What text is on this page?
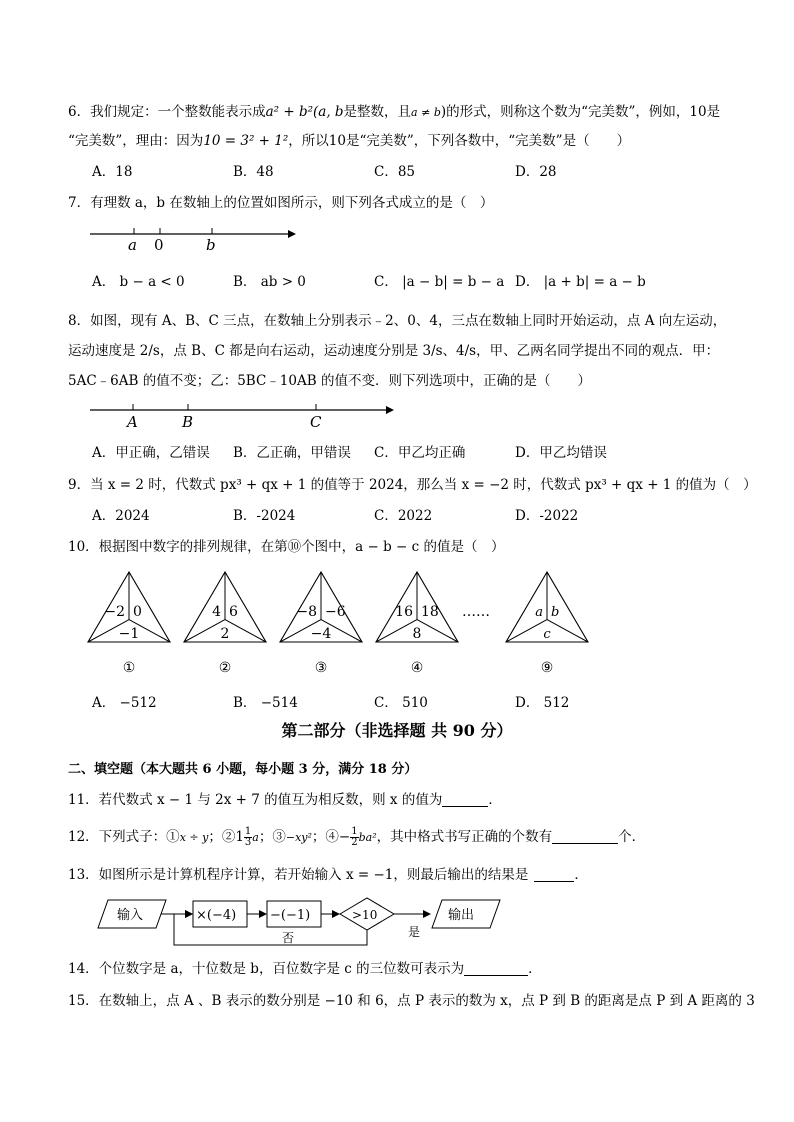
6．我们规定：一个整数能表示成a² + b²(a, b是整数，且a ≠ b)的形式，则称这个数为“完美数”，例如，10是
“完美数”，理由：因为10 = 3² + 1²，所以10是“完美数”，下列各数中，“完美数”是（　　）
A．18	B．48	C．85	D．28
7．有理数 a，b 在数轴上的位置如图所示，则下列各式成立的是（　）
a 0	b
A． b − a < 0	B． ab > 0	C． |a − b| = b − a D． |a + b| = a − b
8．如图，现有 A、B、C 三点，在数轴上分别表示﹣2、0、4，三点在数轴上同时开始运动，点 A 向左运动，
运动速度是 2/s，点 B、C 都是向右运动，运动速度分别是 3/s、4/s，甲、乙两名同学提出不同的观点．甲：
5AC﹣6AB 的值不变；乙：5BC﹣10AB 的值不变．则下列选项中，正确的是（　　）
A	B	C
A．甲正确，乙错误 B．乙正确，甲错误 C．甲乙均正确	D．甲乙均错误
9．当 x = 2 时，代数式 px³ + qx + 1 的值等于 2024，那么当 x = −2 时，代数式 px³ + qx + 1 的值为（　）
A．2024	B．-2024	C．2022	D．-2022
10．根据图中数字的排列规律，在第⑩个图中，a − b − c 的值是（　）
−2 0
−1
①
4 6
2
②
−8 −6
−4
③
16 18
8
④
a b
c
⑨
……
A． −512	B． −514	C． 510	D． 512
第二部分（非选择题 共 90 分）
二、填空题（本大题共 6 小题，每小题 3 分，满分 18 分）
11．若代数式 x − 1 与 2x + 7 的值互为相反数，则 x 的值为	．
12．下列式子：①x ÷ y；②1 $\frac{1}{3}$ a；③−xy²；④− $\frac{1}{2} ba^2$，其中格式书写正确的个数有	个．
13．如图所示是计算机程序计算，若开始输入 x = −1，则最后输出的结果是	．
输入	×(−4)	−(−1)	>10
是
输出
否
14．个位数字是 a，十位数是 b，百位数字是 c 的三位数可表示为	．
15．在数轴上，点 A 、B 表示的数分别是 −10 和 6，点 P 表示的数为 x，点 P 到 B 的距离是点 P 到 A 距离的 3
